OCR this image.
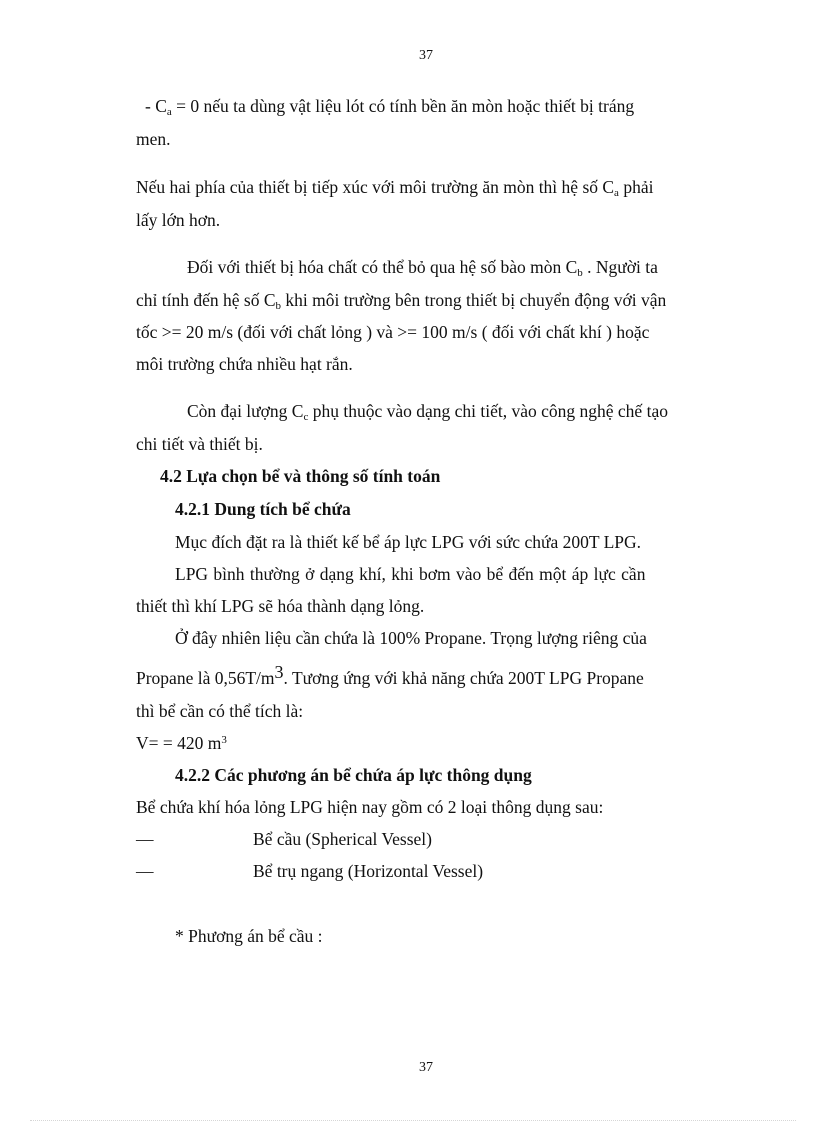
37
- $C_a = 0$ nếu ta dùng vật liệu lót có tính bền ăn mòn hoặc thiết bị tráng
men.
Nếu hai phía của thiết bị tiếp xúc với môi trường ăn mòn thì hệ số $C_a$ phải
lấy lớn hơn.
Đối với thiết bị hóa chất có thể bỏ qua hệ số bào mòn $C_b$ . Người ta
chỉ tính đến hệ số $C_b$ khi môi trường bên trong thiết bị chuyển động với vận
tốc >= 20 m/s (đối với chất lỏng ) và >= 100 m/s ( đối với chất khí ) hoặc
môi trường chứa nhiều hạt rắn.
Còn đại lượng $C_c$ phụ thuộc vào dạng chi tiết, vào công nghệ chế tạo
chi tiết và thiết bị.
4.2 Lựa chọn bể và thông số tính toán
4.2.1 Dung tích bể chứa
Mục đích đặt ra là thiết kế bể áp lực LPG với sức chứa 200T LPG.
LPG bình thường ở dạng khí, khi bơm vào bể đến một áp lực cần
thiết thì khí LPG sẽ hóa thành dạng lỏng.
Ở đây nhiên liệu cần chứa là 100% Propane. Trọng lượng riêng của
Propane là $0,56T/m^3$. Tương ứng với khả năng chứa 200T LPG Propane
thì bể cần có thể tích là:
V= = 420 $m^3$
4.2.2 Các phương án bể chứa áp lực thông dụng
Bể chứa khí hóa lỏng LPG hiện nay gồm có 2 loại thông dụng sau:
—	Bể cầu (Spherical Vessel)
—	Bể trụ ngang (Horizontal Vessel)
* Phương án bể cầu :
37
